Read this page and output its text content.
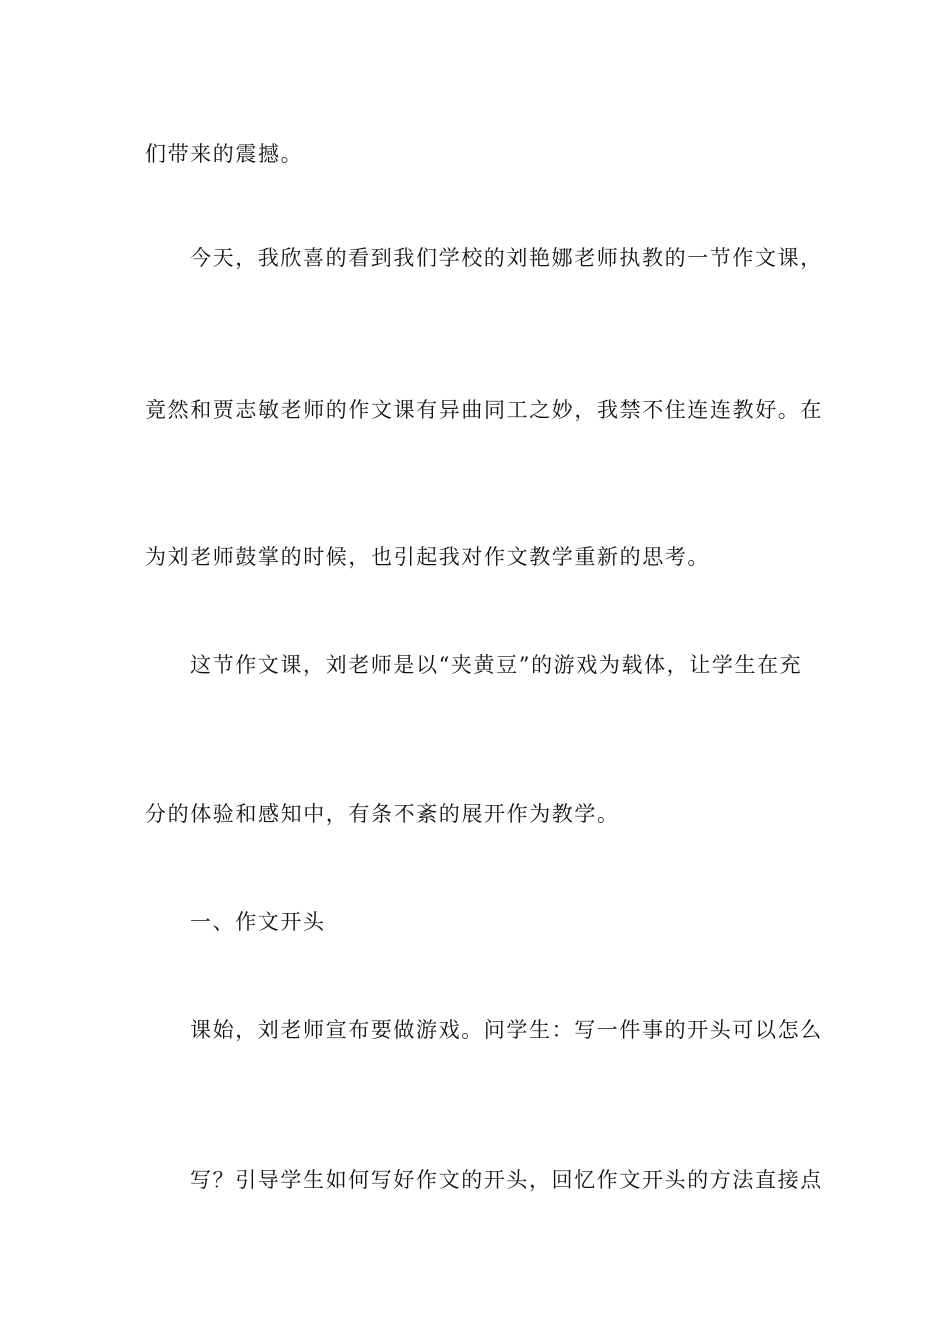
们带来的震撼。
今天，我欣喜的看到我们学校的刘艳娜老师执教的一节作文课，
竟然和贾志敏老师的作文课有异曲同工之妙，我禁不住连连教好。在
为刘老师鼓掌的时候，也引起我对作文教学重新的思考。
这节作文课，刘老师是以“夹黄豆”的游戏为载体，让学生在充
分的体验和感知中，有条不紊的展开作为教学。
一、作文开头
课始，刘老师宣布要做游戏。问学生：写一件事的开头可以怎么
写？引导学生如何写好作文的开头，回忆作文开头的方法直接点
